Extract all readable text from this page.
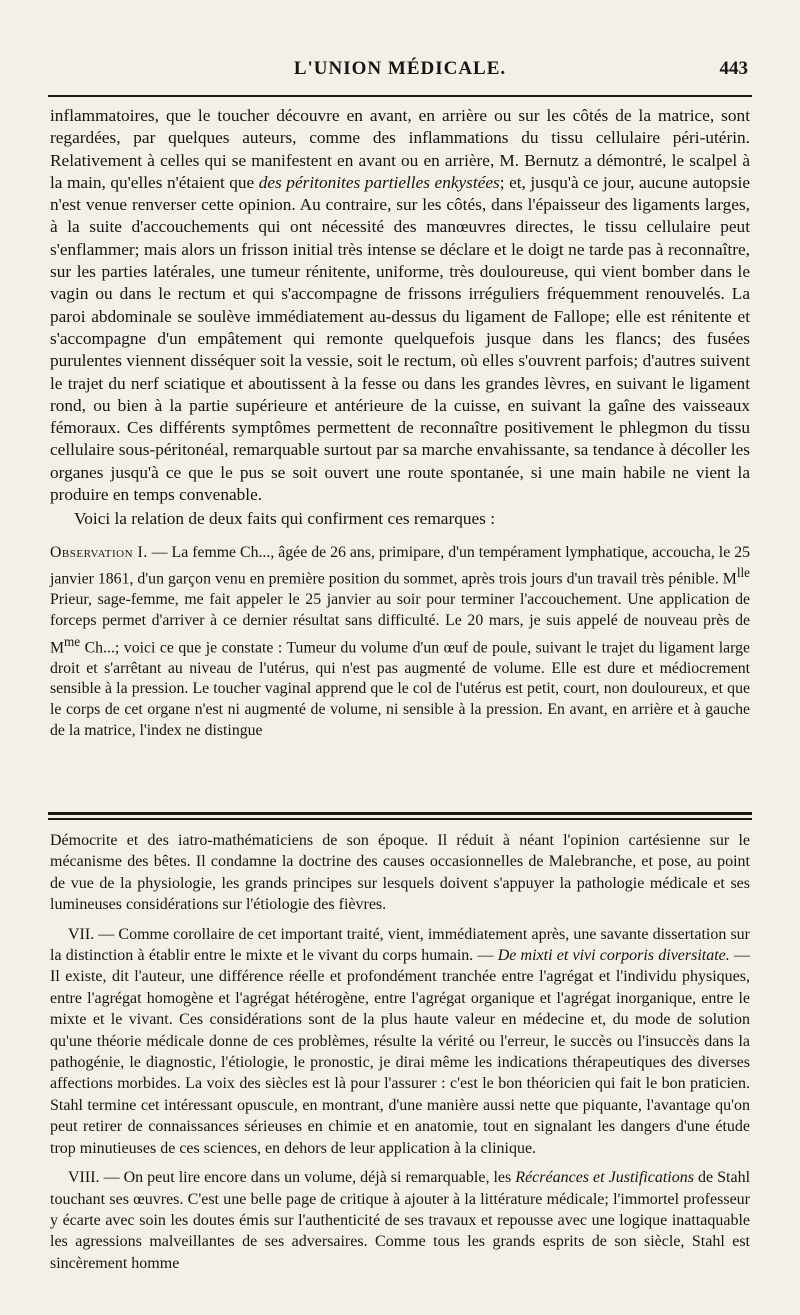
L'UNION MÉDICALE.	443

inflammatoires, que le toucher découvre en avant, en arrière ou sur les côtés de la matrice, sont regardées, par quelques auteurs, comme des inflammations du tissu cellulaire péri-utérin. Relativement à celles qui se manifestent en avant ou en arrière, M. Bernutz a démontré, le scalpel à la main, qu'elles n'étaient que des péritonites partielles enkystées; et, jusqu'à ce jour, aucune autopsie n'est venue renverser cette opinion. Au contraire, sur les côtés, dans l'épaisseur des ligaments larges, à la suite d'accouchements qui ont nécessité des manœuvres directes, le tissu cellulaire peut s'enflammer; mais alors un frisson initial très intense se déclare et le doigt ne tarde pas à reconnaître, sur les parties latérales, une tumeur rénitente, uniforme, très douloureuse, qui vient bomber dans le vagin ou dans le rectum et qui s'accompagne de frissons irréguliers fréquemment renouvelés. La paroi abdominale se soulève immédiatement au-dessus du ligament de Fallope; elle est rénitente et s'accompagne d'un empâtement qui remonte quelquefois jusque dans les flancs; des fusées purulentes viennent disséquer soit la vessie, soit le rectum, où elles s'ouvrent parfois; d'autres suivent le trajet du nerf sciatique et aboutissent à la fesse ou dans les grandes lèvres, en suivant le ligament rond, ou bien à la partie supérieure et antérieure de la cuisse, en suivant la gaîne des vaisseaux fémoraux. Ces différents symptômes permettent de reconnaître positivement le phlegmon du tissu cellulaire sous-péritonéal, remarquable surtout par sa marche envahissante, sa tendance à décoller les organes jusqu'à ce que le pus se soit ouvert une route spontanée, si une main habile ne vient la produire en temps convenable.

Voici la relation de deux faits qui confirment ces remarques :

Observation I. — La femme Ch..., âgée de 26 ans, primipare, d'un tempérament lymphatique, accoucha, le 25 janvier 1861, d'un garçon venu en première position du sommet, après trois jours d'un travail très pénible. $M^{lle}$ Prieur, sage-femme, me fait appeler le 25 janvier au soir pour terminer l'accouchement. Une application de forceps permet d'arriver à ce dernier résultat sans difficulté. Le 20 mars, je suis appelé de nouveau près de $M^{me}$ Ch...; voici ce que je constate : Tumeur du volume d'un œuf de poule, suivant le trajet du ligament large droit et s'arrêtant au niveau de l'utérus, qui n'est pas augmenté de volume. Elle est dure et médiocrement sensible à la pression. Le toucher vaginal apprend que le col de l'utérus est petit, court, non douloureux, et que le corps de cet organe n'est ni augmenté de volume, ni sensible à la pression. En avant, en arrière et à gauche de la matrice, l'index ne distingue

Démocrite et des iatro-mathématiciens de son époque. Il réduit à néant l'opinion cartésienne sur le mécanisme des bêtes. Il condamne la doctrine des causes occasionnelles de Malebranche, et pose, au point de vue de la physiologie, les grands principes sur lesquels doivent s'appuyer la pathologie médicale et ses lumineuses considérations sur l'étiologie des fièvres.

VII. — Comme corollaire de cet important traité, vient, immédiatement après, une savante dissertation sur la distinction à établir entre le mixte et le vivant du corps humain. — De mixti et vivi corporis diversitate. — Il existe, dit l'auteur, une différence réelle et profondément tranchée entre l'agrégat et l'individu physiques, entre l'agrégat homogène et l'agrégat hétérogène, entre l'agrégat organique et l'agrégat inorganique, entre le mixte et le vivant. Ces considérations sont de la plus haute valeur en médecine et, du mode de solution qu'une théorie médicale donne de ces problèmes, résulte la vérité ou l'erreur, le succès ou l'insuccès dans la pathogénie, le diagnostic, l'étiologie, le pronostic, je dirai même les indications thérapeutiques des diverses affections morbides. La voix des siècles est là pour l'assurer : c'est le bon théoricien qui fait le bon praticien. Stahl termine cet intéressant opuscule, en montrant, d'une manière aussi nette que piquante, l'avantage qu'on peut retirer de connaissances sérieuses en chimie et en anatomie, tout en signalant les dangers d'une étude trop minutieuses de ces sciences, en dehors de leur application à la clinique.

VIII. — On peut lire encore dans un volume, déjà si remarquable, les Récréances et Justifications de Stahl touchant ses œuvres. C'est une belle page de critique à ajouter à la littérature médicale; l'immortel professeur y écarte avec soin les doutes émis sur l'authenticité de ses travaux et repousse avec une logique inattaquable les agressions malveillantes de ses adversaires. Comme tous les grands esprits de son siècle, Stahl est sincèrement homme
